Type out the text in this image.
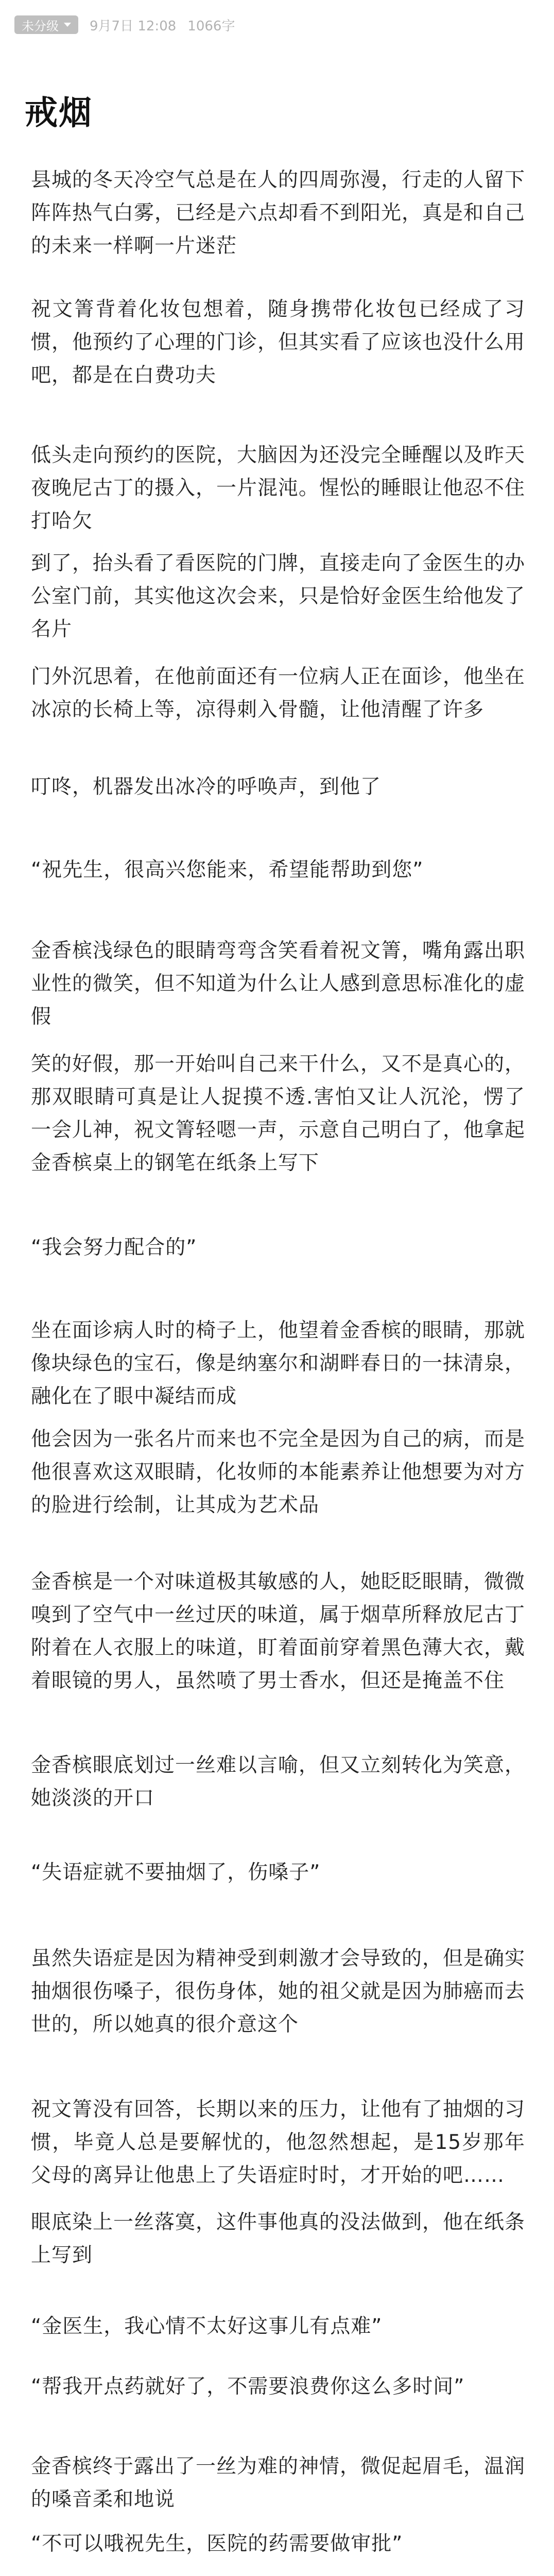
未分级 9月7日 12:08 1066字
戒烟

县城的冬天冷空气总是在人的四周弥漫，行走的人留下阵阵热气白雾，已经是六点却看不到阳光，真是和自己的未来一样啊一片迷茫

祝文箐背着化妆包想着，随身携带化妆包已经成了习惯，他预约了心理的门诊，但其实看了应该也没什么用吧，都是在白费功夫

低头走向预约的医院，大脑因为还没完全睡醒以及昨天夜晚尼古丁的摄入，一片混沌。惺忪的睡眼让他忍不住打哈欠

到了，抬头看了看医院的门牌，直接走向了金医生的办公室门前，其实他这次会来，只是恰好金医生给他发了名片

门外沉思着，在他前面还有一位病人正在面诊，他坐在冰凉的长椅上等，凉得刺入骨髓，让他清醒了许多

叮咚，机器发出冰冷的呼唤声，到他了

“祝先生，很高兴您能来，希望能帮助到您”

金香槟浅绿色的眼睛弯弯含笑看着祝文箐，嘴角露出职业性的微笑，但不知道为什么让人感到意思标准化的虚假

笑的好假，那一开始叫自己来干什么，又不是真心的，那双眼睛可真是让人捉摸不透.害怕又让人沉沦，愣了一会儿神，祝文箐轻嗯一声，示意自己明白了，他拿起金香槟桌上的钢笔在纸条上写下

“我会努力配合的”

坐在面诊病人时的椅子上，他望着金香槟的眼睛，那就像块绿色的宝石，像是纳塞尔和湖畔春日的一抹清泉，融化在了眼中凝结而成

他会因为一张名片而来也不完全是因为自己的病，而是他很喜欢这双眼睛，化妆师的本能素养让他想要为对方的脸进行绘制，让其成为艺术品

金香槟是一个对味道极其敏感的人，她眨眨眼睛，微微嗅到了空气中一丝过厌的味道，属于烟草所释放尼古丁附着在人衣服上的味道，盯着面前穿着黑色薄大衣，戴着眼镜的男人，虽然喷了男士香水，但还是掩盖不住

金香槟眼底划过一丝难以言喻，但又立刻转化为笑意，她淡淡的开口

“失语症就不要抽烟了，伤嗓子”

虽然失语症是因为精神受到刺激才会导致的，但是确实抽烟很伤嗓子，很伤身体，她的祖父就是因为肺癌而去世的，所以她真的很介意这个

祝文箐没有回答，长期以来的压力，让他有了抽烟的习惯，毕竟人总是要解忧的，他忽然想起，是15岁那年父母的离异让他患上了失语症时时，才开始的吧……

眼底染上一丝落寞，这件事他真的没法做到，他在纸条上写到

“金医生，我心情不太好这事儿有点难”

“帮我开点药就好了，不需要浪费你这么多时间”

金香槟终于露出了一丝为难的神情，微促起眉毛，温润的嗓音柔和地说

“不可以哦祝先生，医院的药需要做审批”
